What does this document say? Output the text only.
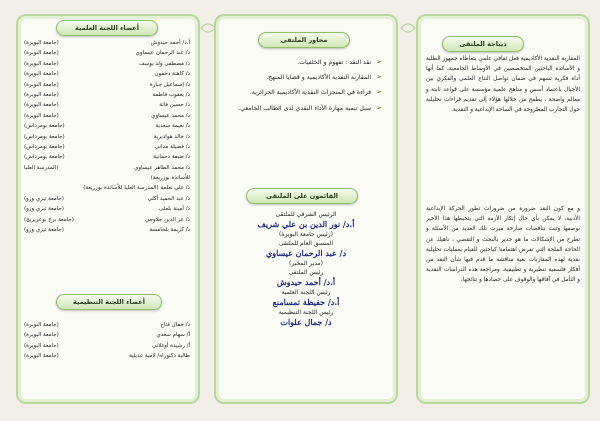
أعضاء اللجنة العلمية
أ.د/ أحمد حيدوش
(جامعة البويرة)
د/ عبد الرحمان عيساوي
(جامعة البويرة)
د/ مصطفى ولد يوسف
(جامعة البويرة)
د/ كاهنة دحمون
(جامعة البويرة)
د/ إسماعيل جبارة
(جامعة البويرة)
د/ يعقوب فاطمة
(جامعة البويرة)
د/ حسين فاتة
(جامعة البويرة)
د/ محمد عيساوي
(جامعة البويرة)
د/ نعيمة سعدية
(جامعة بومرداس)
د/ خالد هوادبرية
(جامعة بومرداس)
د/ فضيلة مداني
(جامعة بومرداس)
د/ ضيفة دحمانية
(جامعة بومرداس)
د/ محمد الطاهر عيساوي
(المدرسة العليا
للأساتذة بوزريعة)
د/ علي تعلمة (المدرسة العليا للأساتذة بوزريعة)
د/ عبد الحميد أكلي
(جامعة تيزي وزو)
د/ أمينة بلعلى
(جامعة تيزي وزو)
د/ عز الدين جلاوجي
(جامعة برج بوعريريج)
د/ كريمة بلخامسة
(جامعة تيزي وزو)
أعضاء اللجنة التنظيمية
د/ جمال فتاح
(جامعة البويرة)
أ/ سهام سعدي
(جامعة البويرة)
أ/ رشيدة أوغلاني
(جامعة البويرة)
طالبة دكتوراه/ لامية عديلية
(جامعة البويرة)
محاور الملتقى
➢
نقد النقد : تفهوم و الخلفيات.
➢
المقاربة النقدية الأكاديمية و قضايا المنهج.
➢
قراءة في المنجزات النقدية الأكاديمية الجزائرية.
➢
سبل تنمية مهارة الأداء النقدي لدى الطالب الجامعي.
القائمون على الملتقى
الرئيس الشرفي للملتقى
أ.د/ نور الدين بن علي شريف
(رئيس جامعة البويرة)
المنسق العام للملتقى
د/ عبد الرحمان عيساوي
(مدير المخبر)
رئيس الملتقى
أ.د/ أحمد حيدوش
رئيس اللجنة العلمية
أ.د/ حفيظة تمسامنع
رئيس اللجنة التنظيمية
د/ جمال علوات
ديباجة الملتقى
المقاربة النقدية الأكاديمية فعل ثقافي علمي يتعاطاه جمهور الطلبة و الأساتذة الباحثين المتخصصين في الأوساط الجامعية، كما أنها أداة فكرية تسهم في ضمان تواصل النتاج العلمي والفكري بين الأجيال باعتماد أسس و مناهج علمية مؤسسة على قواعد ثابتة و معالم واضحة ، يطمح من خلالها هؤلاء إلى تقديم قراءات تحليلية حول التجارب المطروحة في الساحة الإبداعية و النقدية.
و مع كون النقد ضرورة من ضرورات تطور الحركة الإبداعية الأدبية، لا يمكن بأي حال إنكار الأزمة التي يتخبطها هذا الأخير بوصفها وثبت تناقضات صارخة ميزت تلك العديد من الأسئلة و تطرح من الإشكالات ما هو جدير بالبحث و التقصي ، ناهيك عن الحاجة الملحة التي تفرض اهتمامنا كباحثين للقيام بعمليات تحليلية نقدية لهذه المقاربات بغية مناقشة ما قدم فيها شأن النقد من أفكار فلسفية تنظيرية و تطبيقية، ومراجعة هذه الدراسات النقدية و التأمل في آفاقها والوقوف على حصادها و نتائجها.
